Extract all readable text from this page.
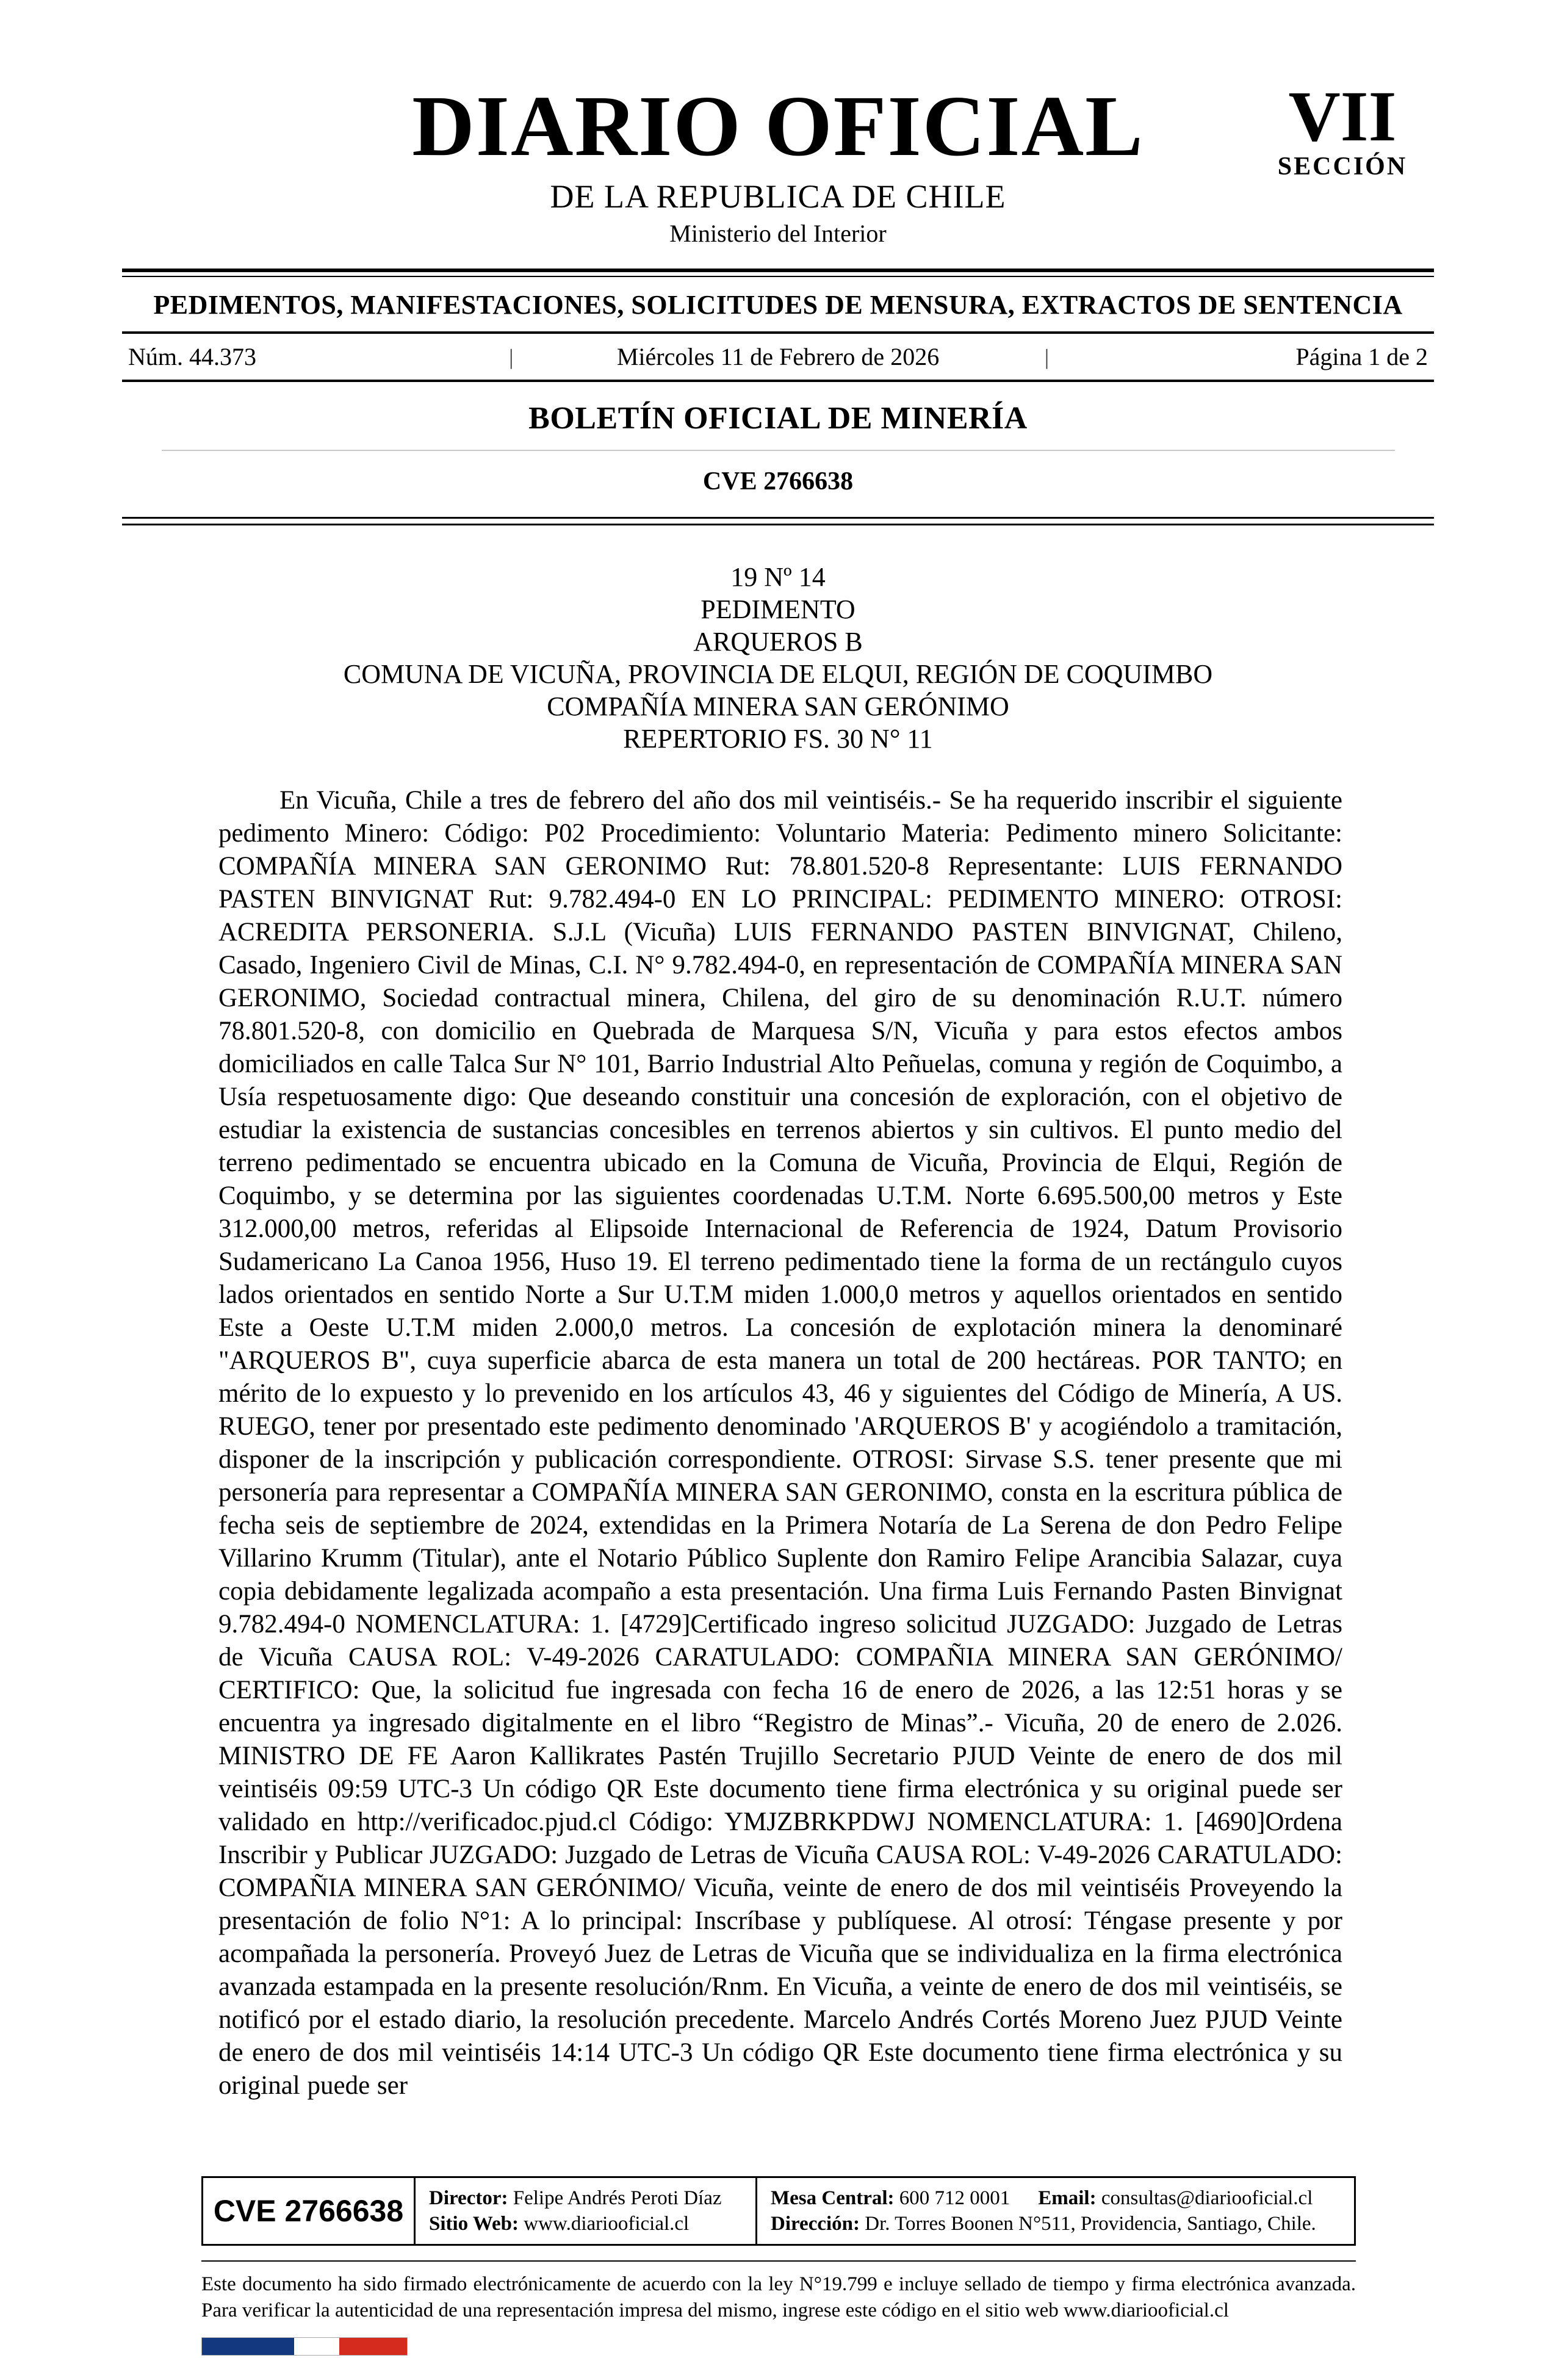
DIARIO OFICIAL
DE LA REPUBLICA DE CHILE
Ministerio del Interior
VII
SECCIÓN
PEDIMENTOS, MANIFESTACIONES, SOLICITUDES DE MENSURA, EXTRACTOS DE SENTENCIA
Núm. 44.373	|	Miércoles 11 de Febrero de 2026	|	Página 1 de 2
BOLETÍN OFICIAL DE MINERÍA
CVE 2766638
19 Nº 14
PEDIMENTO
ARQUEROS B
COMUNA DE VICUÑA, PROVINCIA DE ELQUI, REGIÓN DE COQUIMBO
COMPAÑÍA MINERA SAN GERÓNIMO
REPERTORIO FS. 30 N° 11

En Vicuña, Chile a tres de febrero del año dos mil veintiséis.- Se ha requerido inscribir el siguiente pedimento Minero: Código: P02 Procedimiento: Voluntario Materia: Pedimento minero Solicitante: COMPAÑÍA MINERA SAN GERONIMO Rut: 78.801.520-8 Representante: LUIS FERNANDO PASTEN BINVIGNAT Rut: 9.782.494-0 EN LO PRINCIPAL: PEDIMENTO MINERO: OTROSI: ACREDITA PERSONERIA. S.J.L (Vicuña) LUIS FERNANDO PASTEN BINVIGNAT, Chileno, Casado, Ingeniero Civil de Minas, C.I. N° 9.782.494-0, en representación de COMPAÑÍA MINERA SAN GERONIMO, Sociedad contractual minera, Chilena, del giro de su denominación R.U.T. número 78.801.520-8, con domicilio en Quebrada de Marquesa S/N, Vicuña y para estos efectos ambos domiciliados en calle Talca Sur N° 101, Barrio Industrial Alto Peñuelas, comuna y región de Coquimbo, a Usía respetuosamente digo: Que deseando constituir una concesión de exploración, con el objetivo de estudiar la existencia de sustancias concesibles en terrenos abiertos y sin cultivos. El punto medio del terreno pedimentado se encuentra ubicado en la Comuna de Vicuña, Provincia de Elqui, Región de Coquimbo, y se determina por las siguientes coordenadas U.T.M. Norte 6.695.500,00 metros y Este 312.000,00 metros, referidas al Elipsoide Internacional de Referencia de 1924, Datum Provisorio Sudamericano La Canoa 1956, Huso 19. El terreno pedimentado tiene la forma de un rectángulo cuyos lados orientados en sentido Norte a Sur U.T.M miden 1.000,0 metros y aquellos orientados en sentido Este a Oeste U.T.M miden 2.000,0 metros. La concesión de explotación minera la denominaré "ARQUEROS B", cuya superficie abarca de esta manera un total de 200 hectáreas. POR TANTO; en mérito de lo expuesto y lo prevenido en los artículos 43, 46 y siguientes del Código de Minería, A US. RUEGO, tener por presentado este pedimento denominado 'ARQUEROS B' y acogiéndolo a tramitación, disponer de la inscripción y publicación correspondiente. OTROSI: Sirvase S.S. tener presente que mi personería para representar a COMPAÑÍA MINERA SAN GERONIMO, consta en la escritura pública de fecha seis de septiembre de 2024, extendidas en la Primera Notaría de La Serena de don Pedro Felipe Villarino Krumm (Titular), ante el Notario Público Suplente don Ramiro Felipe Arancibia Salazar, cuya copia debidamente legalizada acompaño a esta presentación. Una firma Luis Fernando Pasten Binvignat 9.782.494-0 NOMENCLATURA: 1. [4729]Certificado ingreso solicitud JUZGADO: Juzgado de Letras de Vicuña CAUSA ROL: V-49-2026 CARATULADO: COMPAÑIA MINERA SAN GERÓNIMO/ CERTIFICO: Que, la solicitud fue ingresada con fecha 16 de enero de 2026, a las 12:51 horas y se encuentra ya ingresado digitalmente en el libro “Registro de Minas”.- Vicuña, 20 de enero de 2.026. MINISTRO DE FE Aaron Kallikrates Pastén Trujillo Secretario PJUD Veinte de enero de dos mil veintiséis 09:59 UTC-3 Un código QR Este documento tiene firma electrónica y su original puede ser validado en http://verificadoc.pjud.cl Código: YMJZBRKPDWJ NOMENCLATURA: 1. [4690]Ordena Inscribir y Publicar JUZGADO: Juzgado de Letras de Vicuña CAUSA ROL: V-49-2026 CARATULADO: COMPAÑIA MINERA SAN GERÓNIMO/ Vicuña, veinte de enero de dos mil veintiséis Proveyendo la presentación de folio N°1: A lo principal: Inscríbase y publíquese. Al otrosí: Téngase presente y por acompañada la personería. Proveyó Juez de Letras de Vicuña que se individualiza en la firma electrónica avanzada estampada en la presente resolución/Rnm. En Vicuña, a veinte de enero de dos mil veintiséis, se notificó por el estado diario, la resolución precedente. Marcelo Andrés Cortés Moreno Juez PJUD Veinte de enero de dos mil veintiséis 14:14 UTC-3 Un código QR Este documento tiene firma electrónica y su original puede ser

CVE 2766638	Director: Felipe Andrés Peroti Díaz
Sitio Web: www.diariooficial.cl
Mesa Central: 600 712 0001 Email: consultas@diariooficial.cl
Dirección: Dr. Torres Boonen N°511, Providencia, Santiago, Chile.

Este documento ha sido firmado electrónicamente de acuerdo con la ley N°19.799 e incluye sellado de tiempo y firma electrónica avanzada. Para verificar la autenticidad de una representación impresa del mismo, ingrese este código en el sitio web www.diariooficial.cl
